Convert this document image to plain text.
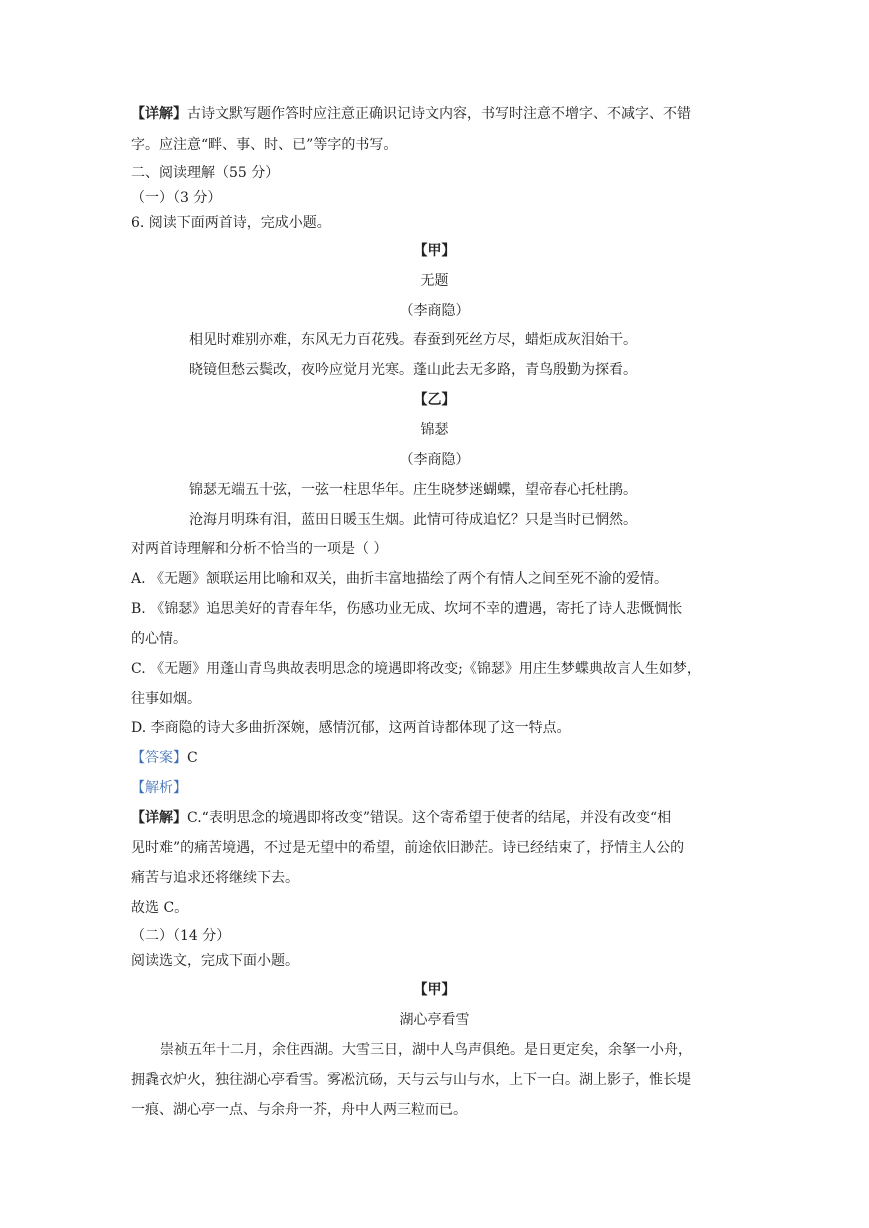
【详解】古诗文默写题作答时应注意正确识记诗文内容，书写时注意不增字、不减字、不错
字。应注意“畔、事、时、已”等字的书写。
二、阅读理解（55 分）
（一）（3 分）
6. 阅读下面两首诗，完成小题。
【甲】
无题
（李商隐）
相见时难别亦难，东风无力百花残。春蚕到死丝方尽，蜡炬成灰泪始干。
晓镜但愁云鬓改，夜吟应觉月光寒。蓬山此去无多路，青鸟殷勤为探看。
【乙】
锦瑟
（李商隐）
锦瑟无端五十弦，一弦一柱思华年。庄生晓梦迷蝴蝶，望帝春心托杜鹃。
沧海月明珠有泪，蓝田日暖玉生烟。此情可待成追忆？只是当时已惘然。
对两首诗理解和分析不恰当的一项是（ ）
A. 《无题》颔联运用比喻和双关，曲折丰富地描绘了两个有情人之间至死不渝的爱情。
B. 《锦瑟》追思美好的青春年华，伤感功业无成、坎坷不幸的遭遇，寄托了诗人悲慨惆怅
的心情。
C. 《无题》用蓬山青鸟典故表明思念的境遇即将改变;《锦瑟》用庄生梦蝶典故言人生如梦，
往事如烟。
D. 李商隐的诗大多曲折深婉，感情沉郁，这两首诗都体现了这一特点。
【答案】C
【解析】
【详解】C.“表明思念的境遇即将改变”错误。这个寄希望于使者的结尾，并没有改变“相
见时难”的痛苦境遇，不过是无望中的希望，前途依旧渺茫。诗已经结束了，抒情主人公的
痛苦与追求还将继续下去。
故选 C。
（二）（14 分）
阅读选文，完成下面小题。
【甲】
湖心亭看雪
崇祯五年十二月，余住西湖。大雪三日，湖中人鸟声俱绝。是日更定矣，余拏一小舟，
拥毳衣炉火，独往湖心亭看雪。雾凇沆砀，天与云与山与水，上下一白。湖上影子，惟长堤
一痕、湖心亭一点、与余舟一芥，舟中人两三粒而已。
